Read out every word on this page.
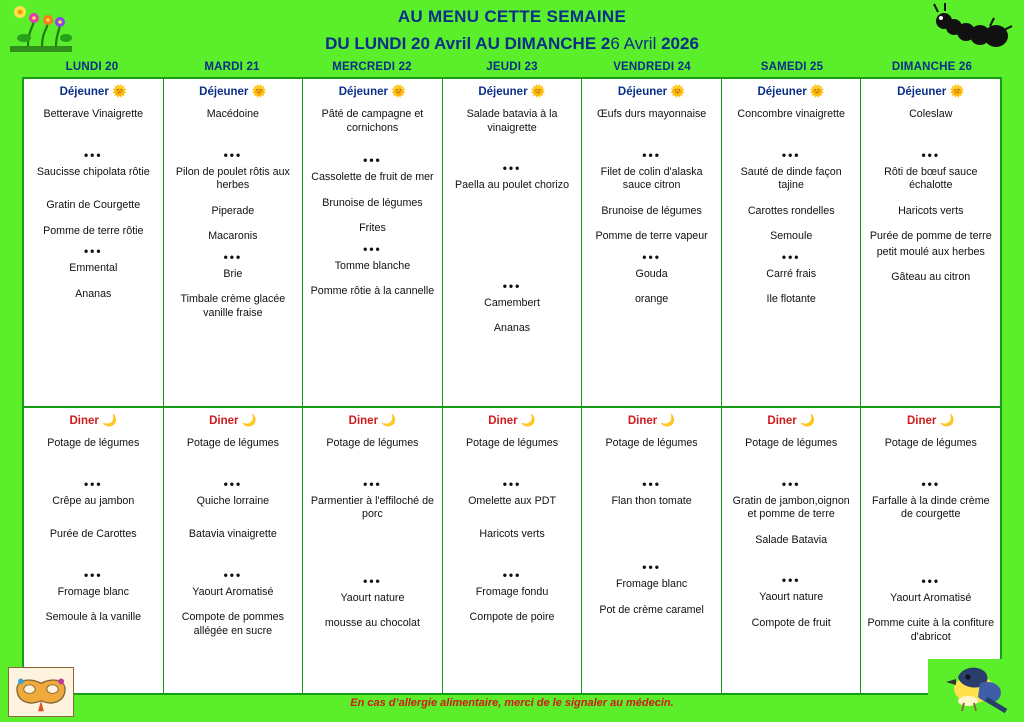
AU MENU CETTE SEMAINE
DU LUNDI 20 Avril AU DIMANCHE 26 Avril 2026
LUNDI 20	MARDI 21	MERCREDI 22	JEUDI 23	VENDREDI 24	SAMEDI 25	DIMANCHE 26
Déjeuner 🌞
Betterave Vinaigrette
•••
Saucisse chipolata rôtie
Gratin de Courgette
Pomme de terre rôtie
•••
Emmental
Ananas
Déjeuner 🌞
Macédoine
•••
Pilon de poulet rôtis aux herbes
Piperade
Macaronis
•••
Brie
Timbale crème glacée vanille fraise
Déjeuner 🌞
Pâté de campagne et cornichons
•••
Cassolette de fruit de mer
Brunoise de légumes
Frites
•••
Tomme blanche
Pomme rôtie à la cannelle
Déjeuner 🌞
Salade batavia à la vinaigrette
•••
Paella au poulet chorizo
•••
Camembert
Ananas
Déjeuner 🌞
Œufs durs mayonnaise
•••
Filet de colin d'alaska sauce citron
Brunoise de légumes
Pomme de terre vapeur
•••
Gouda
orange
Déjeuner 🌞
Concombre vinaigrette
•••
Sauté de dinde façon tajine
Carottes rondelles
Semoule
•••
Carré frais
Ile flotante
Déjeuner 🌞
Coleslaw
•••
Rôti de bœuf sauce échalotte
Haricots verts
Purée de pomme de terre
petit moulé aux herbes
Gâteau au citron
Diner 🌙
Potage de légumes
•••
Crêpe au jambon
Purée de Carottes
•••
Fromage blanc
Semoule à la vanille
Diner 🌙
Potage de légumes
•••
Quiche lorraine
Batavia vinaigrette
•••
Yaourt Aromatisé
Compote de pommes allégée en sucre
Diner 🌙
Potage de légumes
•••
Parmentier à l'effiloché de porc
•••
Yaourt nature
mousse au chocolat
Diner 🌙
Potage de légumes
•••
Omelette aux PDT
Haricots verts
•••
Fromage fondu
Compote de poire
Diner 🌙
Potage de légumes
•••
Flan thon tomate
•••
Fromage blanc
Pot de crème caramel
Diner 🌙
Potage de légumes
•••
Gratin de jambon,oignon et pomme de terre
Salade Batavia
•••
Yaourt nature
Compote de fruit
Diner 🌙
Potage de légumes
•••
Farfalle à la dinde crème de courgette
•••
Yaourt Aromatisé
Pomme cuite à la confiture d'abricot
En cas d’allergie alimentaire, merci de le signaler au médecin.
